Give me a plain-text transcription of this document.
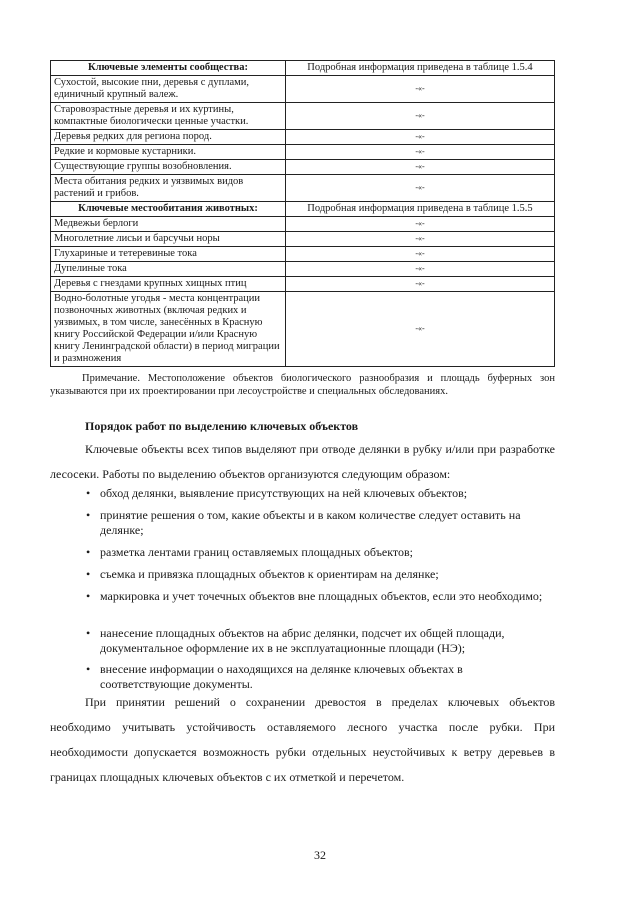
Ключевые элементы сообщества:	Подробная информация приведена в таблице 1.5.4
Сухостой, высокие пни, деревья с дуплами, единичный крупный валеж.	-«-
Старовозрастные деревья и их куртины, компактные биологически ценные участки.	-«-
Деревья редких для региона пород.	-«-
Редкие и кормовые кустарники.	-«-
Существующие группы возобновления.	-«-
Места обитания редких и уязвимых видов растений и грибов.	-«-
Ключевые местообитания животных:	Подробная информация приведена в таблице 1.5.5
Медвежьи берлоги	-«-
Многолетние лисьи и барсучьи норы	-«-
Глухариные и тетеревиные тока	-«-
Дупелиные тока	-«-
Деревья с гнездами крупных хищных птиц	-«-
Водно-болотные угодья - места концентрации позвоночных животных (включая редких и уязвимых, в том числе, занесённых в Красную книгу Российской Федерации и/или Красную книгу Ленинградской области) в период миграции и размножения	-«-
Примечание. Местоположение объектов биологического разнообразия и площадь буферных зон указываются при их проектировании при лесоустройстве и специальных обследованиях.
Порядок работ по выделению ключевых объектов
Ключевые объекты всех типов выделяют при отводе делянки в рубку и/или при разработке лесосеки. Работы по выделению объектов организуются следующим образом:
• обход делянки, выявление присутствующих на ней ключевых объектов;
• принятие решения о том, какие объекты и в каком количестве следует оставить на делянке;
• разметка лентами границ оставляемых площадных объектов;
• съемка и привязка площадных объектов к ориентирам на делянке;
• маркировка и учет точечных объектов вне площадных объектов, если это необходимо;
• нанесение площадных объектов на абрис делянки, подсчет их общей площади, документальное оформление их в не эксплуатационные площади (НЭ);
• внесение информации о находящихся на делянке ключевых объектах в соответствующие документы.
При принятии решений о сохранении древостоя в пределах ключевых объектов необходимо учитывать устойчивость оставляемого лесного участка после рубки. При необходимости допускается возможность рубки отдельных неустойчивых к ветру деревьев в границах площадных ключевых объектов с их отметкой и перечетом.
32
